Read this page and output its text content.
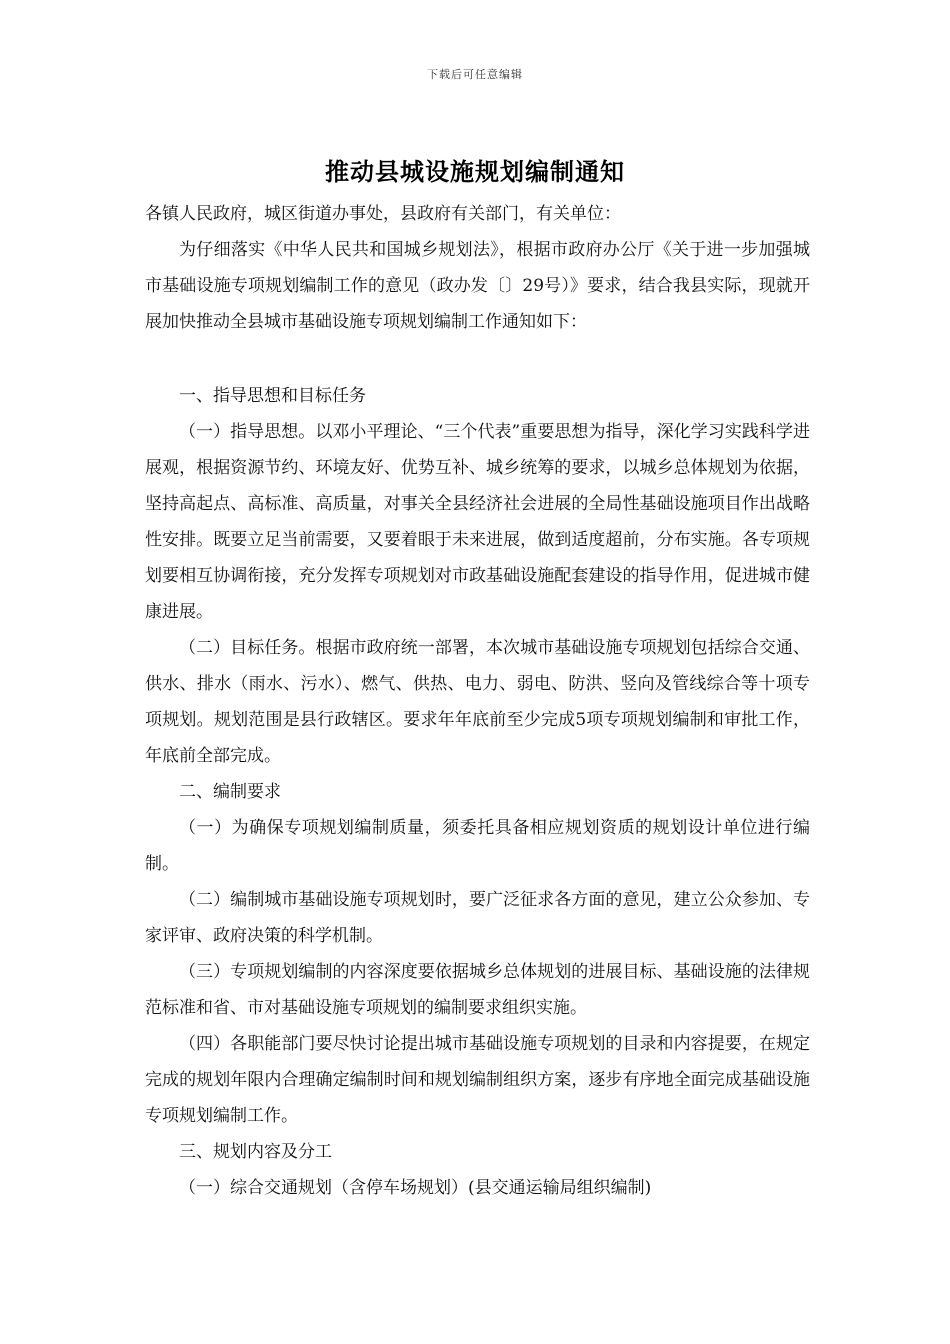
下载后可任意编辑
推动县城设施规划编制通知

各镇人民政府，城区街道办事处，县政府有关部门，有关单位：

为仔细落实《中华人民共和国城乡规划法》，根据市政府办公厅《关于进一步加强城市基础设施专项规划编制工作的意见（政办发〔〕29号）》要求，结合我县实际，现就开展加快推动全县城市基础设施专项规划编制工作通知如下：

一、指导思想和目标任务

（一）指导思想。以邓小平理论、“三个代表”重要思想为指导，深化学习实践科学进展观，根据资源节约、环境友好、优势互补、城乡统筹的要求，以城乡总体规划为依据，坚持高起点、高标准、高质量，对事关全县经济社会进展的全局性基础设施项目作出战略性安排。既要立足当前需要，又要着眼于未来进展，做到适度超前，分布实施。各专项规划要相互协调衔接，充分发挥专项规划对市政基础设施配套建设的指导作用，促进城市健康进展。

（二）目标任务。根据市政府统一部署，本次城市基础设施专项规划包括综合交通、供水、排水（雨水、污水）、燃气、供热、电力、弱电、防洪、竖向及管线综合等十项专项规划。规划范围是县行政辖区。要求年年底前至少完成5项专项规划编制和审批工作，年底前全部完成。

二、编制要求

（一）为确保专项规划编制质量，须委托具备相应规划资质的规划设计单位进行编制。

（二）编制城市基础设施专项规划时，要广泛征求各方面的意见，建立公众参加、专家评审、政府决策的科学机制。

（三）专项规划编制的内容深度要依据城乡总体规划的进展目标、基础设施的法律规范标准和省、市对基础设施专项规划的编制要求组织实施。

（四）各职能部门要尽快讨论提出城市基础设施专项规划的目录和内容提要，在规定完成的规划年限内合理确定编制时间和规划编制组织方案，逐步有序地全面完成基础设施专项规划编制工作。

三、规划内容及分工

（一）综合交通规划（含停车场规划）(县交通运输局组织编制)
